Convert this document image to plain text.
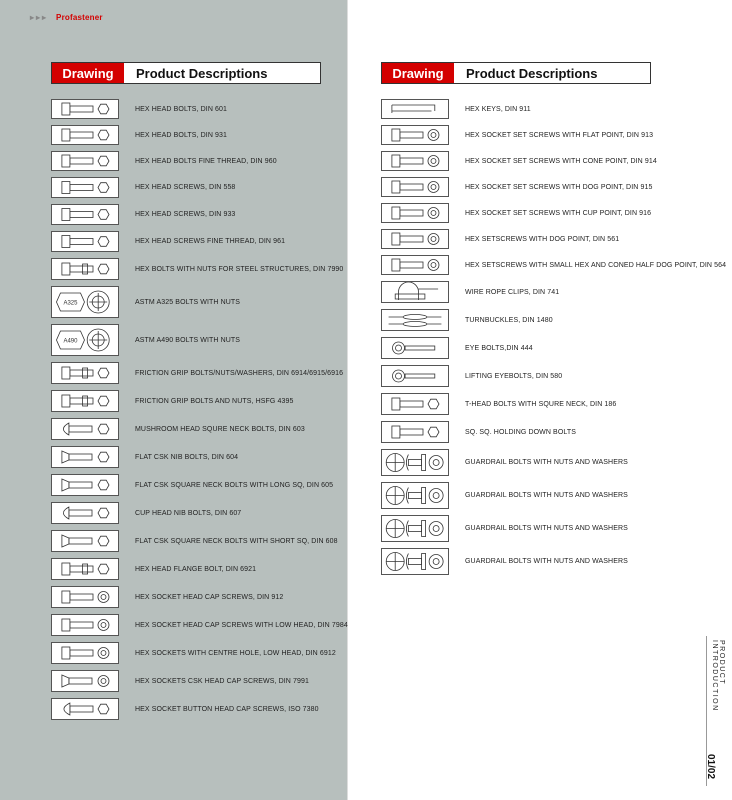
▸▸▸ Profastener
Drawing	Product Descriptions	Drawing	Product Descriptions
HEX HEAD BOLTS, DIN 601
HEX HEAD BOLTS, DIN 931
HEX HEAD BOLTS FINE THREAD, DIN 960
HEX HEAD SCREWS, DIN 558
HEX HEAD SCREWS, DIN 933
HEX HEAD SCREWS FINE THREAD, DIN 961
HEX BOLTS WITH NUTS FOR STEEL STRUCTURES, DIN 7990
A325	ASTM A325 BOLTS WITH NUTS
A490	ASTM A490 BOLTS WITH NUTS
FRICTION GRIP BOLTS/NUTS/WASHERS, DIN 6914/6915/6916
FRICTION GRIP BOLTS AND NUTS, HSFG 4395
MUSHROOM HEAD SQURE NECK BOLTS, DIN 603
FLAT CSK NIB BOLTS, DIN 604
FLAT CSK SQUARE NECK BOLTS WITH LONG SQ, DIN 605
CUP HEAD NIB BOLTS, DIN 607
FLAT CSK SQUARE NECK BOLTS WITH SHORT SQ, DIN 608
HEX HEAD FLANGE BOLT, DIN 6921
HEX SOCKET HEAD CAP SCREWS, DIN 912
HEX SOCKET HEAD CAP SCREWS WITH LOW HEAD, DIN 7984
HEX SOCKETS WITH CENTRE HOLE, LOW HEAD, DIN 6912
HEX SOCKETS CSK HEAD CAP SCREWS, DIN 7991
HEX SOCKET BUTTON HEAD CAP SCREWS, ISO 7380
HEX KEYS, DIN 911
HEX SOCKET SET SCREWS WITH FLAT POINT, DIN 913
HEX SOCKET SET SCREWS WITH CONE POINT, DIN 914
HEX SOCKET SET SCREWS WITH DOG POINT, DIN 915
HEX SOCKET SET SCREWS WITH CUP POINT, DIN 916
HEX SETSCREWS WITH DOG POINT, DIN 561
HEX SETSCREWS WITH SMALL HEX AND CONED HALF DOG POINT, DIN 564
WIRE ROPE CLIPS, DIN 741
TURNBUCKLES, DIN 1480
EYE BOLTS,DIN 444
LIFTING EYEBOLTS, DIN 580
T-HEAD BOLTS WITH SQURE NECK, DIN 186
SQ. SQ. HOLDING DOWN BOLTS
GUARDRAIL BOLTS WITH NUTS AND WASHERS
GUARDRAIL BOLTS WITH NUTS AND WASHERS
GUARDRAIL BOLTS WITH NUTS AND WASHERS
GUARDRAIL BOLTS WITH NUTS AND WASHERS
PRODUCT INTRODUCTION
01/02
